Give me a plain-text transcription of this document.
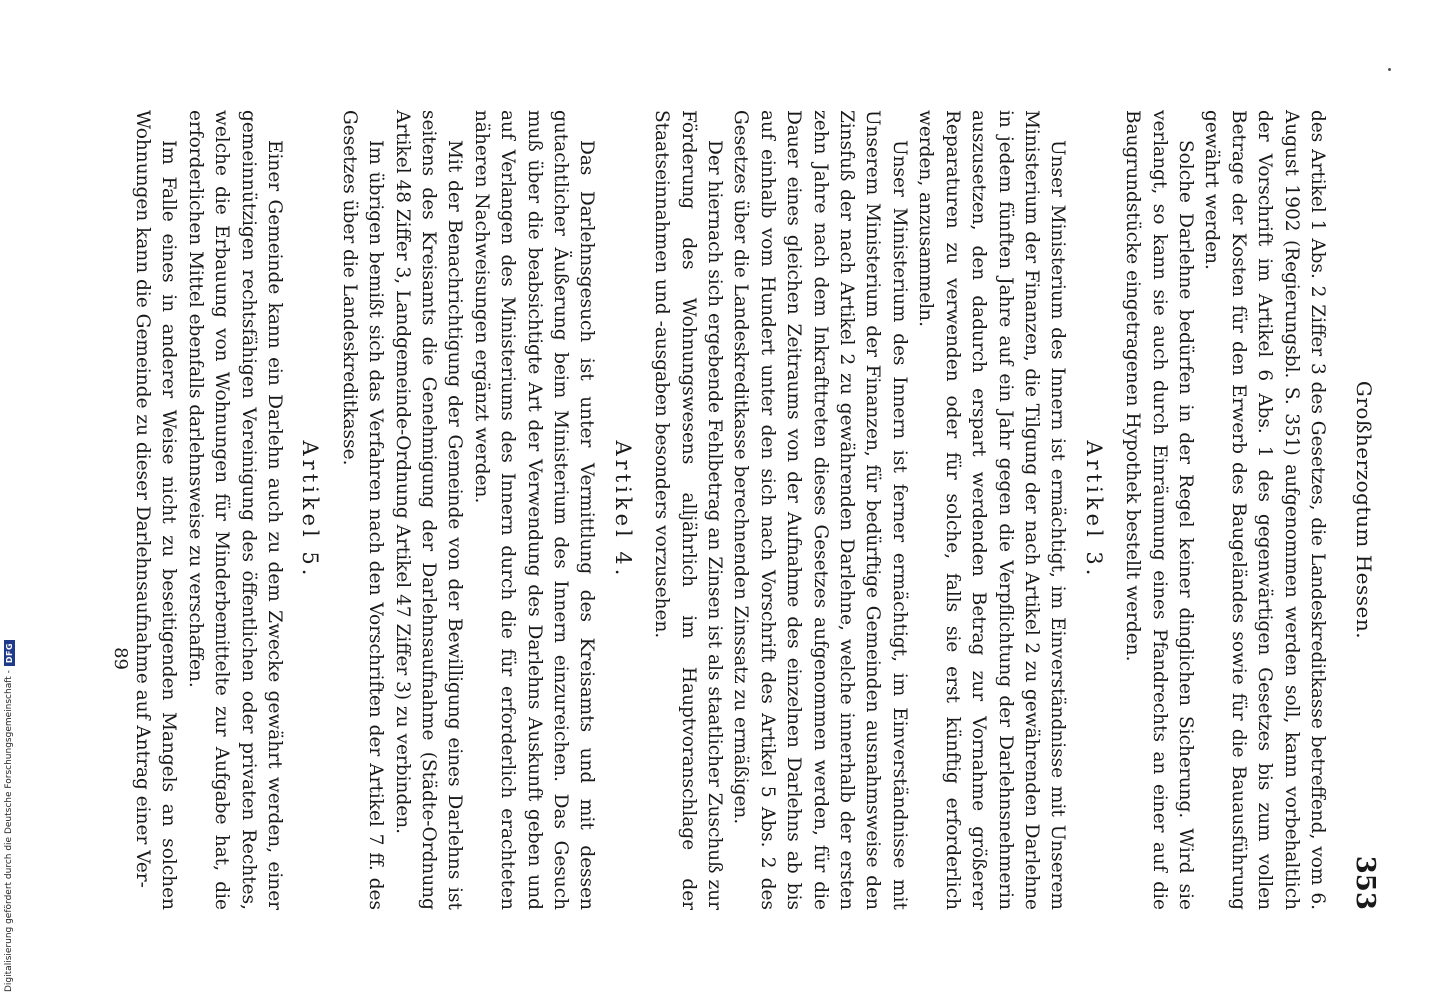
Großherzogtum Hessen.
353

des Artikel 1 Abs. 2 Ziffer 3 des Gesetzes, die Landeskreditkasse betreffend, vom 6. August 1902 (Regierungsbl. S. 351) aufgenommen werden soll, kann vorbehaltlich der Vorschrift im Artikel 6 Abs. 1 des gegenwärtigen Gesetzes bis zum vollen Betrage der Kosten für den Erwerb des Baugeländes sowie für die Bauausführung gewährt werden.

Solche Darlehne bedürfen in der Regel keiner dinglichen Sicherung. Wird sie verlangt, so kann sie auch durch Einräumung eines Pfandrechts an einer auf die Baugrundstücke eingetragenen Hypothek bestellt werden.

Artikel 3.

Unser Ministerium des Innern ist ermächtigt, im Einverständnisse mit Unserem Ministerium der Finanzen, die Tilgung der nach Artikel 2 zu gewährenden Darlehne in jedem fünften Jahre auf ein Jahr gegen die Verpflichtung der Darlehnsnehmerin auszusetzen, den dadurch erspart werdenden Betrag zur Vornahme größerer Reparaturen zu verwenden oder für solche, falls sie erst künftig erforderlich werden, anzusammeln.

Unser Ministerium des Innern ist ferner ermächtigt, im Einverständnisse mit Unserem Ministerium der Finanzen, für bedürftige Gemeinden ausnahmsweise den Zinsfuß der nach Artikel 2 zu gewährenden Darlehne, welche innerhalb der ersten zehn Jahre nach dem Inkrafttreten dieses Gesetzes aufgenommen werden, für die Dauer eines gleichen Zeitraums von der Aufnahme des einzelnen Darlehns ab bis auf einhalb vom Hundert unter den sich nach Vorschrift des Artikel 5 Abs. 2 des Gesetzes über die Landeskreditkasse berechnenden Zinssatz zu ermäßigen.

Der hiernach sich ergebende Fehlbetrag an Zinsen ist als staatlicher Zuschuß zur Förderung des Wohnungswesens alljährlich im Hauptvoranschlage der Staatseinnahmen und -ausgaben besonders vorzusehen.

Artikel 4.

Das Darlehnsgesuch ist unter Vermittlung des Kreisamts und mit dessen gutachtlicher Äußerung beim Ministerium des Innern einzureichen. Das Gesuch muß über die beabsichtigte Art der Verwendung des Darlehns Auskunft geben und auf Verlangen des Ministeriums des Innern durch die für erforderlich erachteten näheren Nachweisungen ergänzt werden.

Mit der Benachrichtigung der Gemeinde von der Bewilligung eines Darlehns ist seitens des Kreisamts die Genehmigung der Darlehnsaufnahme (Städte-Ordnung Artikel 48 Ziffer 3, Landgemeinde-Ordnung Artikel 47 Ziffer 3) zu verbinden.

Im übrigen bemißt sich das Verfahren nach den Vorschriften der Artikel 7 ff. des Gesetzes über die Landeskreditkasse.

Artikel 5.

Einer Gemeinde kann ein Darlehn auch zu dem Zwecke gewährt werden, einer gemeinnützigen rechtsfähigen Vereinigung des öffentlichen oder privaten Rechtes, welche die Erbauung von Wohnungen für Minderbemittelte zur Aufgabe hat, die erforderlichen Mittel ebenfalls darlehnsweise zu verschaffen.

Im Falle eines in anderer Weise nicht zu beseitigenden Mangels an solchen Wohnungen kann die Gemeinde zu dieser Darlehnsaufnahme auf Antrag einer Ver-

89
Digitalisierung gefördert durch die Deutsche Forschungsgemeinschaft -
DFG
